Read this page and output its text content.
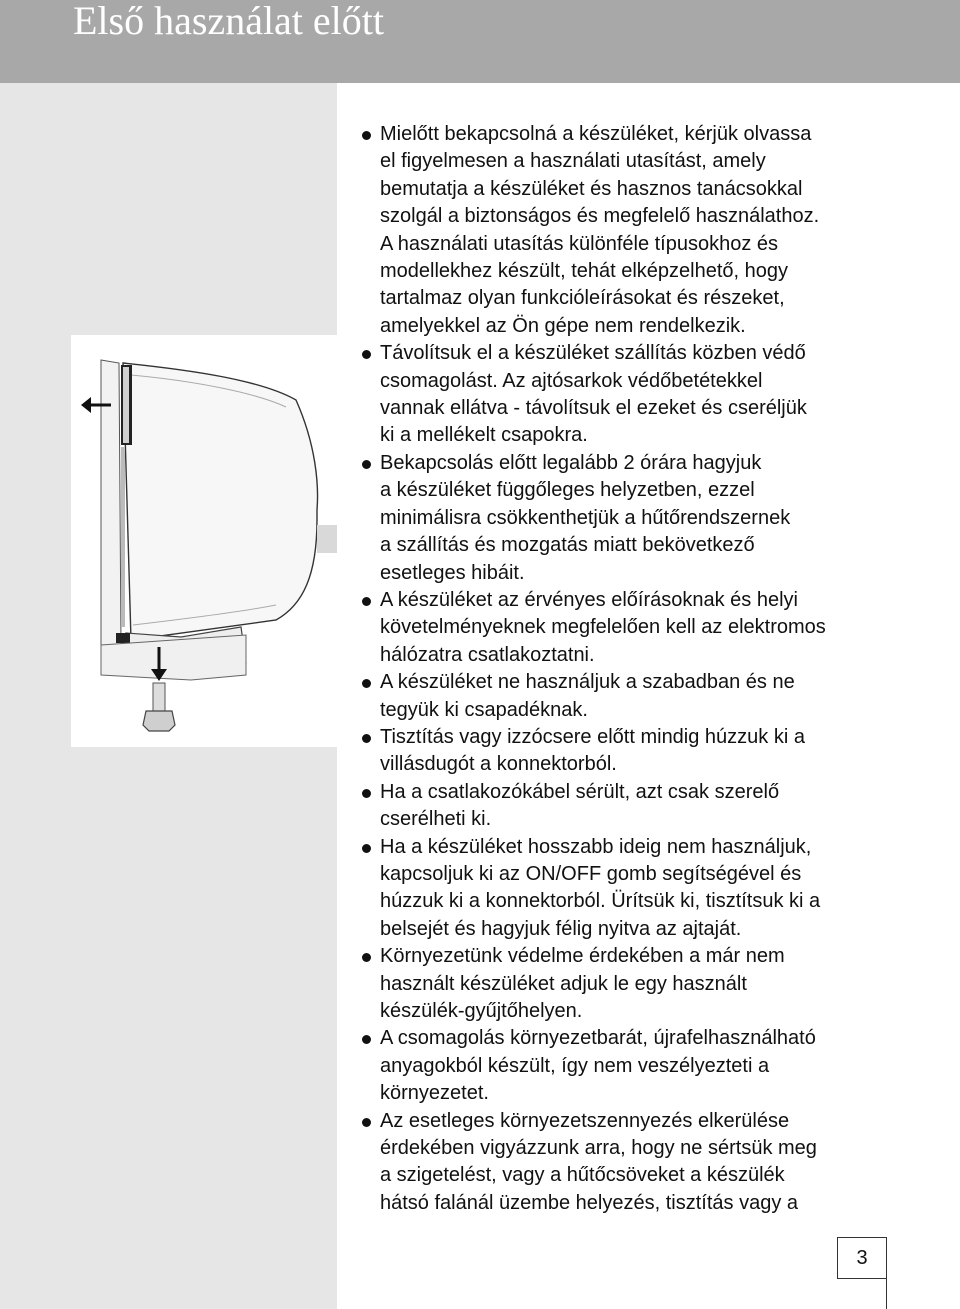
Első használat előtt
Mielőtt bekapcsolná a készüléket, kérjük olvassa
el figyelmesen a használati utasítást, amely
bemutatja a készüléket és hasznos tanácsokkal
szolgál a biztonságos és megfelelő használathoz.
A használati utasítás különféle típusokhoz és
modellekhez készült, tehát elképzelhető, hogy
tartalmaz olyan funkcióleírásokat és részeket,
amelyekkel az Ön gépe nem rendelkezik.
Távolítsuk el a készüléket szállítás közben védő
csomagolást. Az ajtósarkok védőbetétekkel
vannak ellátva - távolítsuk el ezeket és cseréljük
ki a mellékelt csapokra.
Bekapcsolás előtt legalább 2 órára hagyjuk
a készüléket függőleges helyzetben, ezzel
minimálisra csökkenthetjük a hűtőrendszernek
a szállítás és mozgatás miatt bekövetkező
esetleges hibáit.
A készüléket az érvényes előírásoknak és helyi
követelményeknek megfelelően kell az elektromos
hálózatra csatlakoztatni.
A készüléket ne használjuk a szabadban és ne
tegyük ki csapadéknak.
Tisztítás vagy izzócsere előtt mindig húzzuk ki a
villásdugót a konnektorból.
Ha a csatlakozókábel sérült, azt csak szerelő
cserélheti ki.
Ha a készüléket hosszabb ideig nem használjuk,
kapcsoljuk ki az ON/OFF gomb segítségével és
húzzuk ki a konnektorból. Ürítsük ki, tisztítsuk ki a
belsejét és hagyjuk félig nyitva az ajtaját.
Környezetünk védelme érdekében a már nem
használt készüléket adjuk le egy használt
készülék-gyűjtőhelyen.
A csomagolás környezetbarát, újrafelhasználható
anyagokból készült, így nem veszélyezteti a
környezetet.
Az esetleges környezetszennyezés elkerülése
érdekében vigyázzunk arra, hogy ne sértsük meg
a szigetelést, vagy a hűtőcsöveket a készülék
hátsó falánál üzembe helyezés, tisztítás vagy a
3
